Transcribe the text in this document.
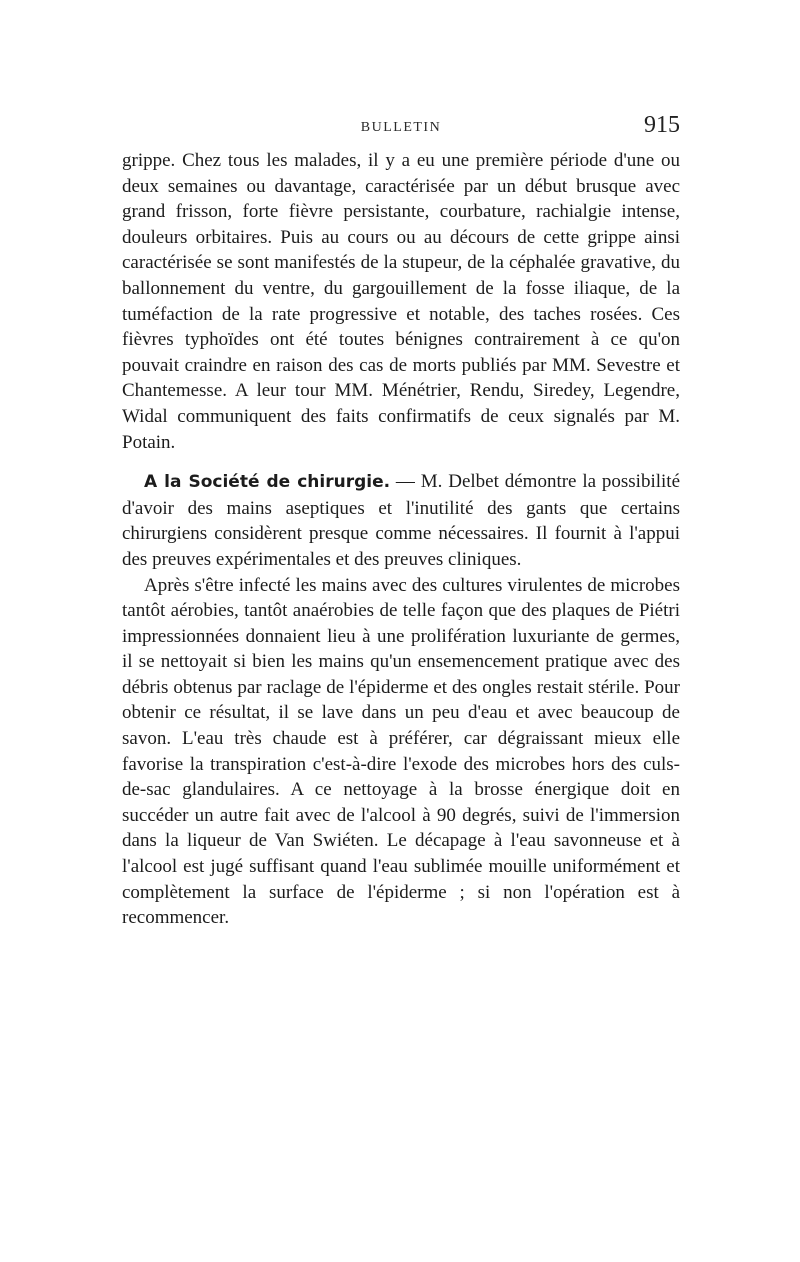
BULLETIN	915

grippe. Chez tous les malades, il y a eu une première période d'une ou deux semaines ou davantage, caractérisée par un début brusque avec grand frisson, forte fièvre persistante, courbature, rachialgie intense, douleurs orbitaires. Puis au cours ou au décours de cette grippe ainsi caractérisée se sont manifestés de la stupeur, de la céphalée gravative, du ballonnement du ventre, du gargouillement de la fosse iliaque, de la tuméfaction de la rate progressive et notable, des taches rosées. Ces fièvres typhoïdes ont été toutes bénignes contrairement à ce qu'on pouvait craindre en raison des cas de morts publiés par MM. Sevestre et Chantemesse. A leur tour MM. Ménétrier, Rendu, Siredey, Legendre, Widal communiquent des faits confirmatifs de ceux signalés par M. Potain.

A la Société de chirurgie. — M. Delbet démontre la possibilité d'avoir des mains aseptiques et l'inutilité des gants que certains chirurgiens considèrent presque comme nécessaires. Il fournit à l'appui des preuves expérimentales et des preuves cliniques.

Après s'être infecté les mains avec des cultures virulentes de microbes tantôt aérobies, tantôt anaérobies de telle façon que des plaques de Piétri impressionnées donnaient lieu à une prolifération luxuriante de germes, il se nettoyait si bien les mains qu'un ensemencement pratique avec des débris obtenus par raclage de l'épiderme et des ongles restait stérile. Pour obtenir ce résultat, il se lave dans un peu d'eau et avec beaucoup de savon. L'eau très chaude est à préférer, car dégraissant mieux elle favorise la transpiration c'est-à-dire l'exode des microbes hors des culs-de-sac glandulaires. A ce nettoyage à la brosse énergique doit en succéder un autre fait avec de l'alcool à 90 degrés, suivi de l'immersion dans la liqueur de Van Swiéten. Le décapage à l'eau savonneuse et à l'alcool est jugé suffisant quand l'eau sublimée mouille uniformément et complètement la surface de l'épiderme ; si non l'opération est à recommencer.
